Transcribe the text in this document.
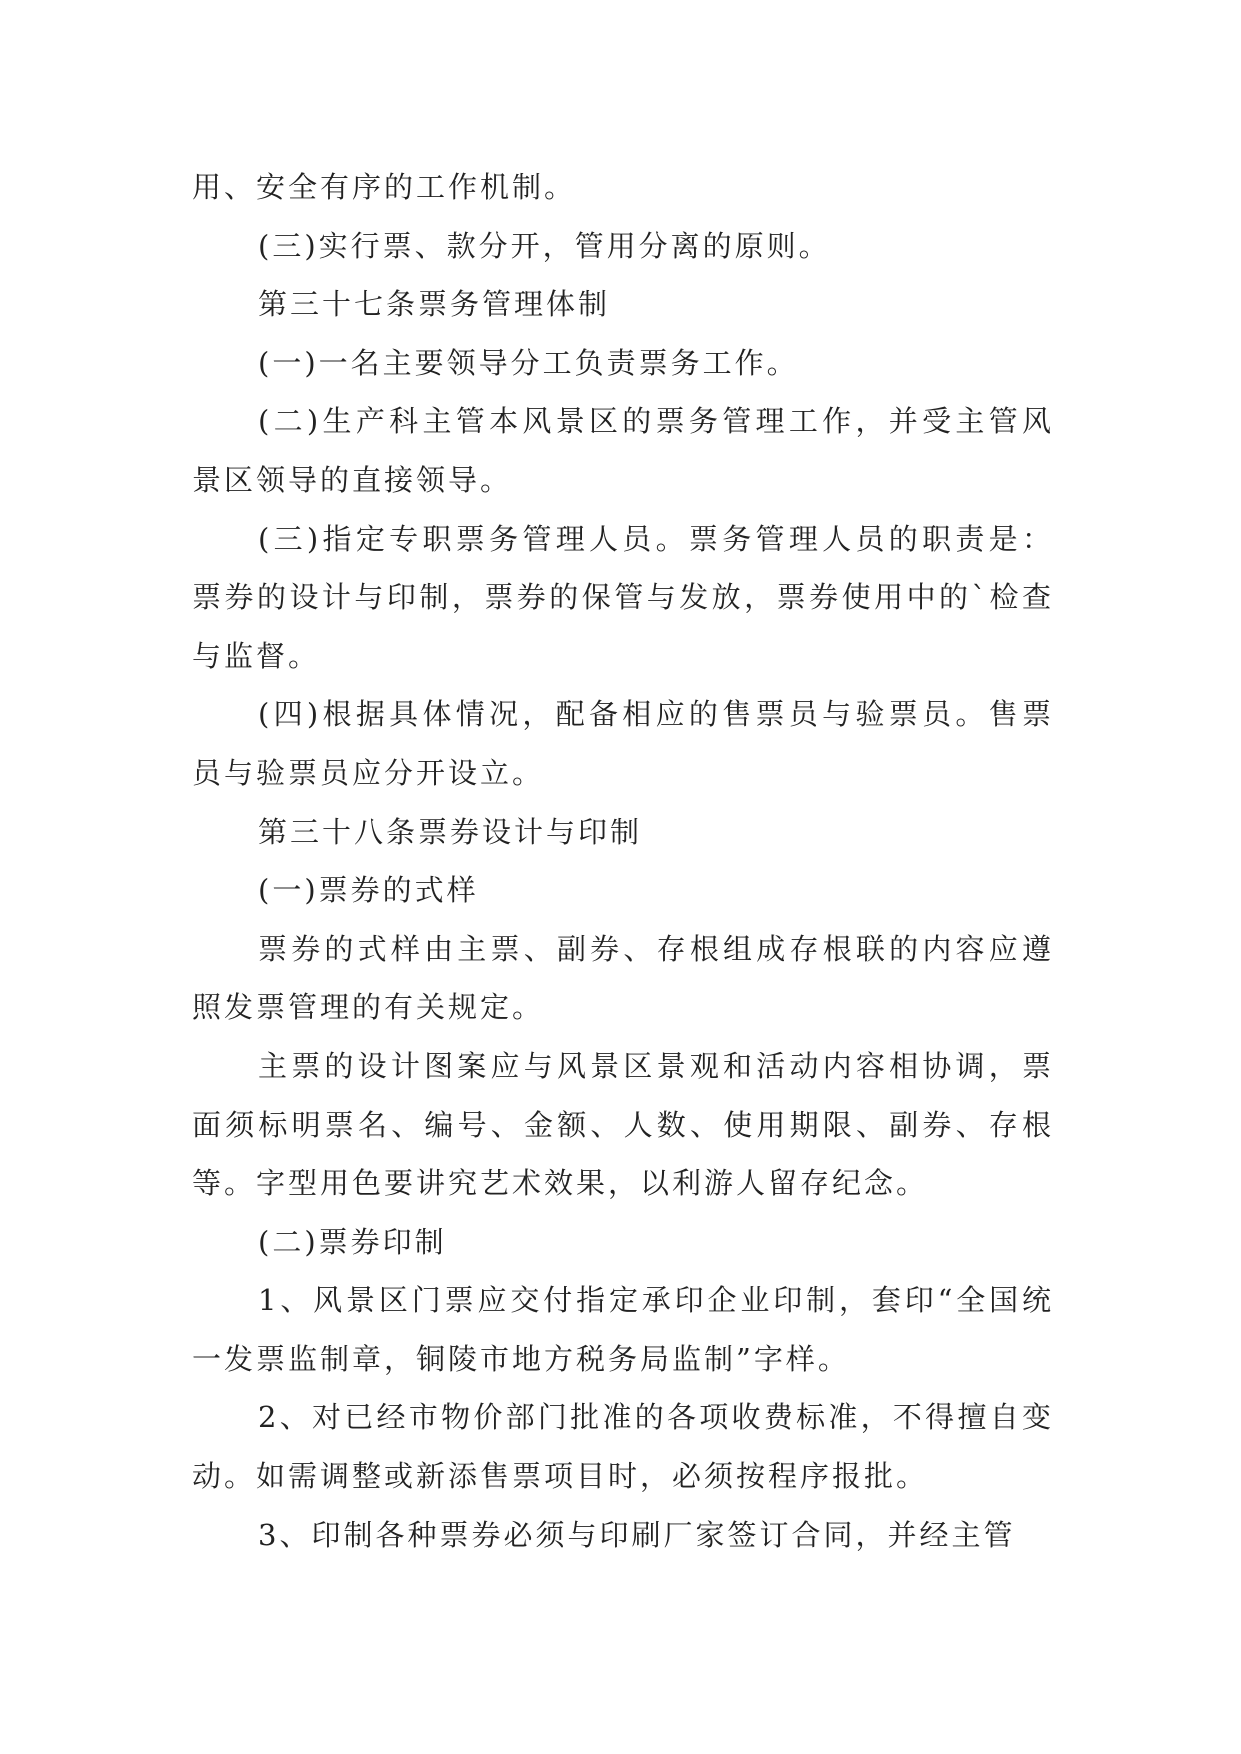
用、安全有序的工作机制。

(三)实行票、款分开，管用分离的原则。

第三十七条票务管理体制

(一)一名主要领导分工负责票务工作。

(二)生产科主管本风景区的票务管理工作，并受主管风景区领导的直接领导。

(三)指定专职票务管理人员。票务管理人员的职责是：票券的设计与印制，票券的保管与发放，票券使用中的`检查与监督。

(四)根据具体情况，配备相应的售票员与验票员。售票员与验票员应分开设立。

第三十八条票券设计与印制

(一)票券的式样

票券的式样由主票、副券、存根组成存根联的内容应遵照发票管理的有关规定。

主票的设计图案应与风景区景观和活动内容相协调，票面须标明票名、编号、金额、人数、使用期限、副券、存根等。字型用色要讲究艺术效果，以利游人留存纪念。

(二)票券印制

1、风景区门票应交付指定承印企业印制，套印“全国统一发票监制章，铜陵市地方税务局监制”字样。

2、对已经市物价部门批准的各项收费标准，不得擅自变动。如需调整或新添售票项目时，必须按程序报批。

3、印制各种票券必须与印刷厂家签订合同，并经主管
